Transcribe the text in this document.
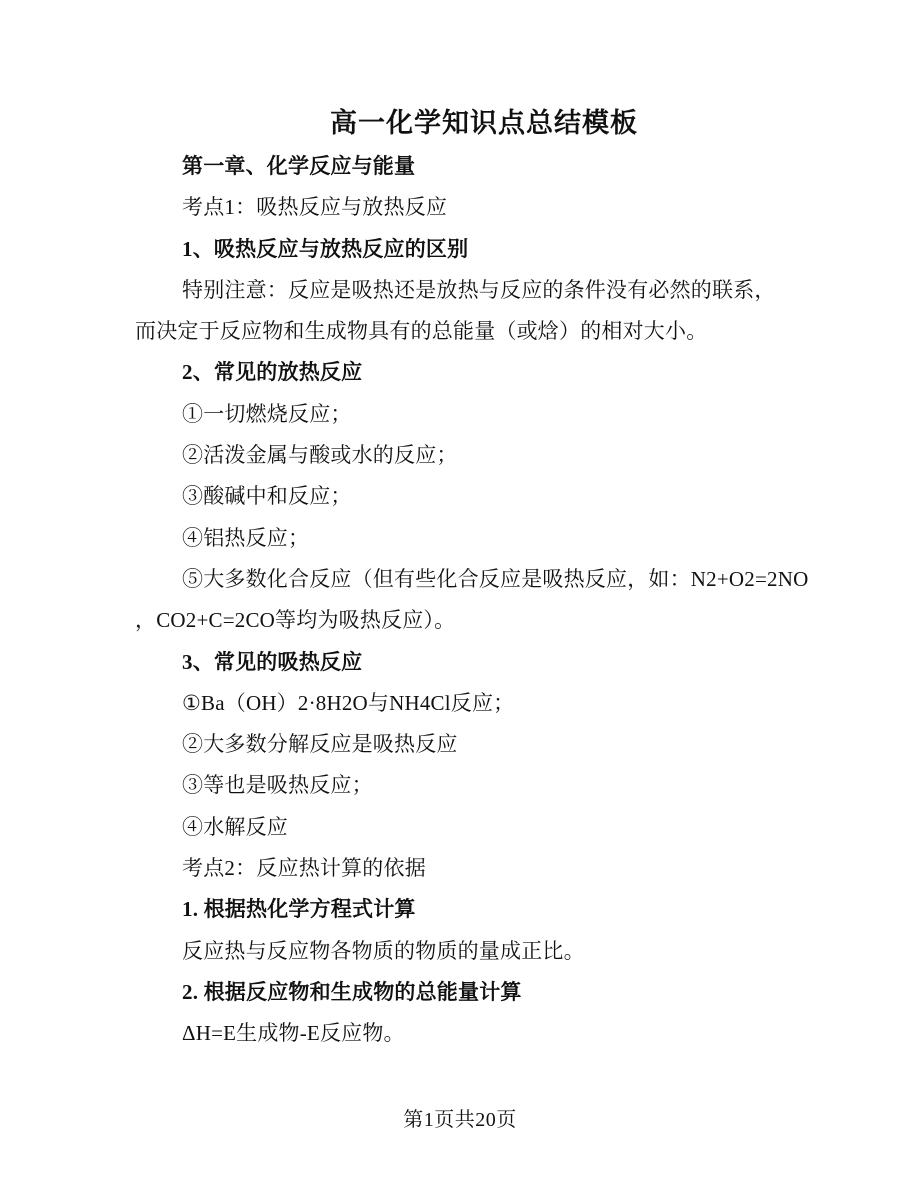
高一化学知识点总结模板
第一章、化学反应与能量
考点1：吸热反应与放热反应
1、吸热反应与放热反应的区别
特别注意：反应是吸热还是放热与反应的条件没有必然的联系，
而决定于反应物和生成物具有的总能量（或焓）的相对大小。
2、常见的放热反应
①一切燃烧反应；
②活泼金属与酸或水的反应；
③酸碱中和反应；
④铝热反应；
⑤大多数化合反应（但有些化合反应是吸热反应，如：N2+O2=2NO
，CO2+C=2CO等均为吸热反应）。
3、常见的吸热反应
①Ba（OH）2·8H2O与NH4Cl反应；
②大多数分解反应是吸热反应
③等也是吸热反应；
④水解反应
考点2：反应热计算的依据
1. 根据热化学方程式计算
反应热与反应物各物质的物质的量成正比。
2. 根据反应物和生成物的总能量计算
ΔH=E生成物-E反应物。
第1页共20页
